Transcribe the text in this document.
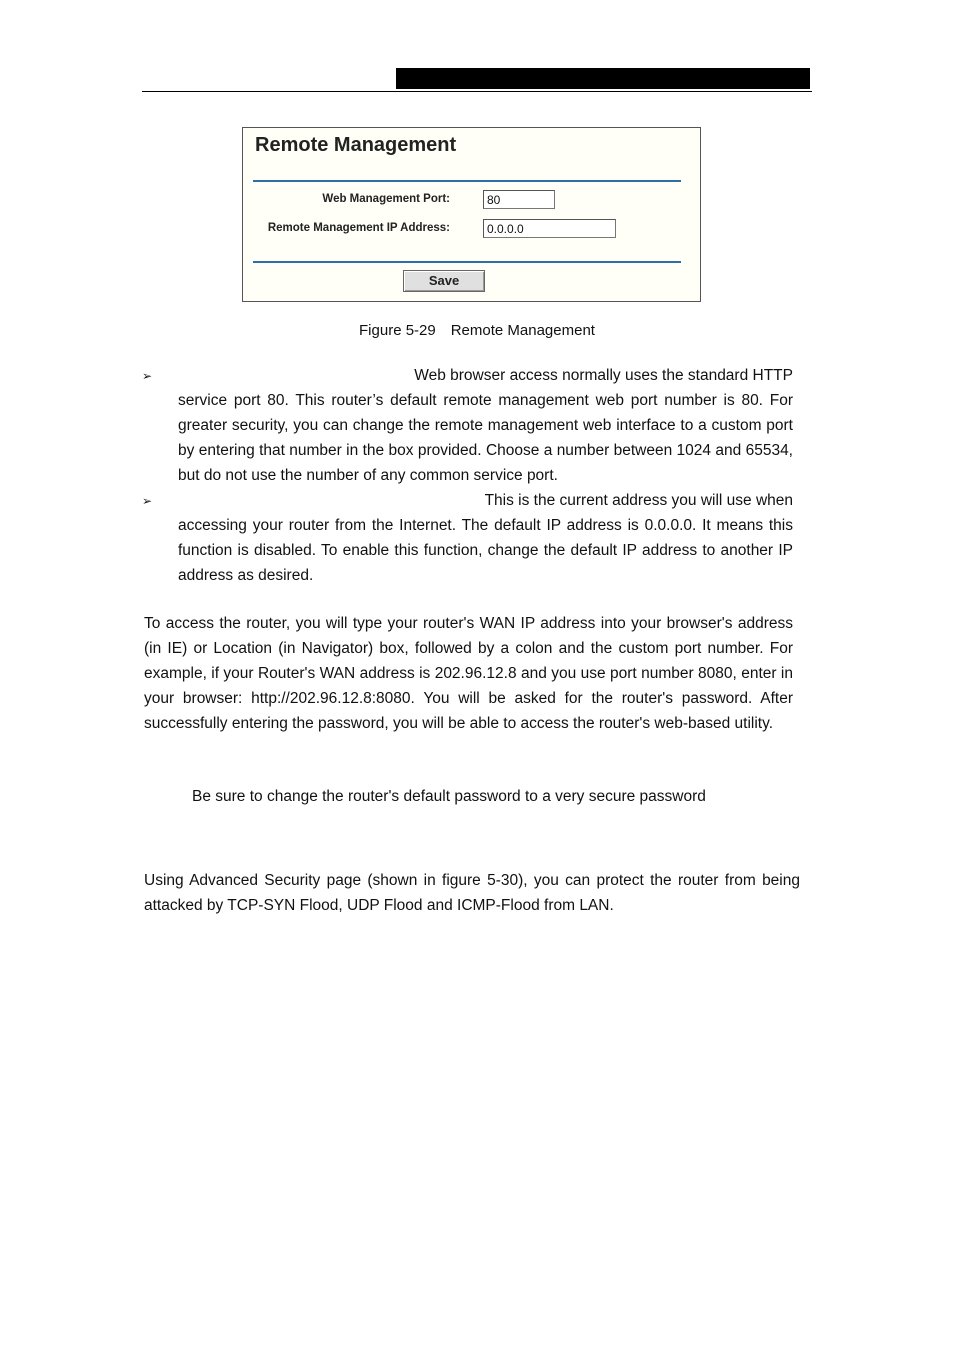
Remote Management
Web Management Port:	80
Remote Management IP Address:	0.0.0.0
Save
Figure 5-29　Remote Management
➢	Web browser access normally uses the standard HTTP
service port 80. This router’s default remote management web port number is 80. For greater security, you can change the remote management web interface to a custom port by entering that number in the box provided. Choose a number between 1024 and 65534, but do not use the number of any common service port.
➢	This is the current address you will use when
accessing your router from the Internet. The default IP address is 0.0.0.0. It means this function is disabled. To enable this function, change the default IP address to another IP address as desired.
To access the router, you will type your router's WAN IP address into your browser's address (in IE) or Location (in Navigator) box, followed by a colon and the custom port number. For example, if your Router's WAN address is 202.96.12.8 and you use port number 8080, enter in your browser: http://202.96.12.8:8080. You will be asked for the router's password. After successfully entering the password, you will be able to access the router's web-based utility.
Be sure to change the router's default password to a very secure password
Using Advanced Security page (shown in figure 5-30), you can protect the router from being attacked by TCP-SYN Flood, UDP Flood and ICMP-Flood from LAN.
